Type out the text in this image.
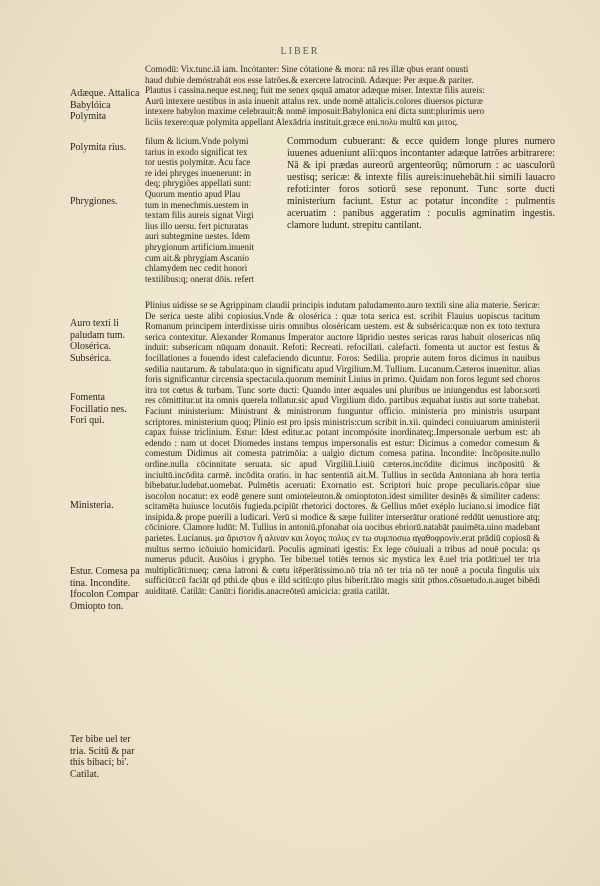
LIBER
Adæque. Attalica Babylóica Polymita
Polymita rius.
Phrygiones.
Auro texti li paludam tum. Olosérica. Subsérica.
Fomenta Focillatio nes. Fori qui.
Ministeria.
Estur. Comesa pa tina. Incondite. Ifocolon Compar Omiopto ton.
Ter bibe uel ter tria. Scitū & par this bibaci; bi'. Catilat.

Comodū: Vix.tunc.iā iam. Incótanter: Sine cótatione & mora: nā res illæ qbus erant onusti

haud dubie demóstrabát eos esse latrões.& exercere latrocinū. Adæque: Per æque.& pariter.

Plautus i cassina.neque est.neq; fuit me senex qsquā amator adæque miser. Intextæ filis aureis:

Aurū intexere uestibus in asia inuenit attalus rex. unde nomē attalicis.colores diuersos picturæ

intexere babylon maxime celebrauit:& nomē imposuit:Babylonica eni dicta sunt:plurimis uero

liciis texere:quæ polymita appellant Alexādria instituit.græce eni.πολυ multū και μιτος.

filum & licium.Vnde polymi

tarius in exodo significat tex

tor uestis polymitæ. Acu face

re idei phryges inuenerunt: in

deq; phrygiões appellati sunt:

Quorum mentio apud Plau

tum in menechmis.uestem in

textam filis aureis signat Virgi

lius illo uersu. fert picturatas

auri subtegmine uestes. Idem

phrygionum artificium.inuenit

cum ait.& phrygiam Ascanio

chlamydem nec cedit honori

textilibus:q; onerat dōis. refert

Commodum cubuerant: & ecce quidem longe plures numero iuuenes adueniunt alii:quos incontanter adæque latrões arbitrarere: Nā & ipi prædas aureorū argenteorūq; nūmorum : ac uasculorū uestisq; sericæ: & intexte filis aureis:inuehebāt.hii simili lauacro refoti:inter foros sotiorū sese reponunt. Tunc sorte ducti ministerium faciunt. Estur ac potatur incondite : pulmentis aceruatim : panibus aggeratim : poculis agminatim ingestis. clamore ludunt. strepitu cantilant.
Plinius uidisse se se Agrippinam claudii principis indutam paludamento.auro textili sine alia materie. Sericæ: De serica ueste alibi copiosius.Vnde & olosérica : quæ tota serica est. scribit Flauius uopiscus tacitum Romanum principem interdixisse uiris omnibus oloséricam uestem. est & subsérica:quæ non ex toto textura serica contexitur. Alexander Romanus Imperator auctore lāpridio uestes sericas raras habuit olosericas nūq induit: subsericam nūquam donauit. Refoti: Recreati. refocillati. calefacti. fomenta ut auctor est festus & focillationes a fouendo idest calefaciendo dicuntur. Foros: Sedilia. proprie autem foros dicimus in nauibus sedilia nautarum. & tabulata:quo in significatu apud Virgilium.M. Tullium. Lucanum.Cæteros inuenitur. alias foris significantur circensia spectacula.quorum meminit Liuius in primo. Quidam non foros legunt sed choros itra tot cœtus & turbam. Tunc sorte ducti: Quando inter æquales uni pluribus ue iniungendus est labor.sorti res cōmittitur.ut ita omnis querela tollatur.sic apud Virgilium dido. partibus æquabat iustis aut sorte trahebat. Faciunt ministerium: Ministrant & ministrorum funguntur officio. ministeria pro ministris usurpant scriptores. ministerium quoq; Plinio est pro ipsis ministris:cum scribit in.xii. quindeci conuiuarum aministerii capax fuisse triclinium. Estur: Idest editur.ac potant incompósite inordinateq;.Impersonale uerbum est: ab edendo : nam ut docet Diomedes instans tempus impersonalis est estur: Dicimus a comedor comesum & comestum Didimus ait comesta patrimōia: a ualgio dictum comesa patina. Incondite: Incōposite.nullo ordine.nulla cōcinnitate seruata. sic apud Virgiliū.Liuiū cæteros.incōdite dicimus incōpositū & inciultū.incōdita carmē. incōdita oratio. in hac sententiā ait.M. Tullius in secūda Antoniana ab hora tertia bibebatur.ludebat.uomebat. Pulmētis aceruati: Exornatio est. Scriptori huic prope peculiaris.cōpar siue isocolon nocatur: ex eodē genere sunt omioteleuton.& omioptoton.idest similiter desinēs & similiter cadens: scitamēta huiusce locutōis fugieda.pcipiūt rhetorici doctores. & Gellius mōet exéplo luciano.si imodice fiāt insipida.& prope puerili a ludicari. Verū si modice & sæpe fuiliter interserātur orationé reddūt uenustiore atq; cōciniore. Clamore ludūt: M. Tullius in antoniū.pfonabat oia uocibus ebriorū.natabāt pauimēta.uino madebant parietes. Lucianus. μα ἄριστον ἥ αλιναν και λογος πολυς εν τω συμποσιω αγαθοφρονίν.erat prādiū copiosū & multus sermo icōuiuio homicidarū. Poculis agminati igestis: Ex lege cōuiuali a tribus ad nouē pocula: qs numerus pducit. Ausōius i grypho. Ter bibe:uel totiēs ternos sic mystica lex ē.uel tria potāti:uel ter tria multiplicāti:nueq; cæna latroni & cœtu itēperātissimo.nō tria nō ter tria nō ter nouē a pocula fingulis uix sufficiūt:cū faciāt qd pthi.de qbus e illd scitū:qto plus biberit.tāto magis sitit pthos.cōsuetudo.n.auget bibēdi auiditatē. Catilāt: Canūt:i fioridis.anacreōteū amicicia: gratia catilāt.
